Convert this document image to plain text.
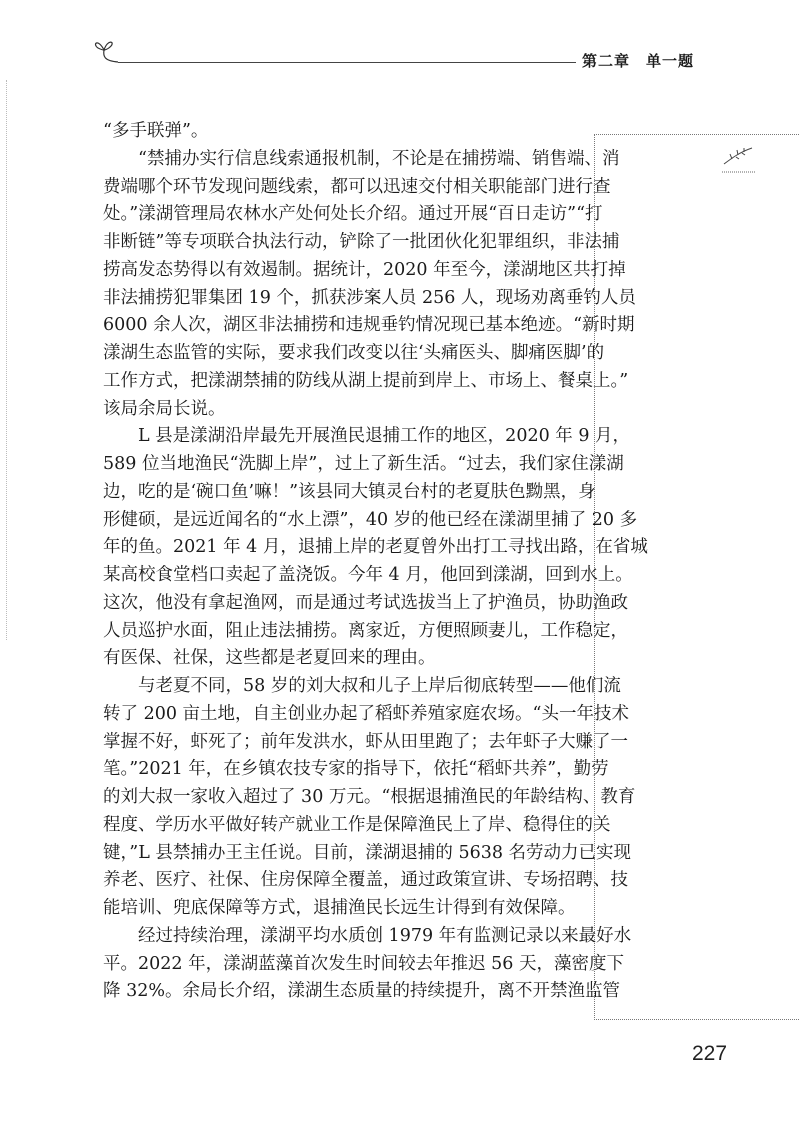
第二章　单一题
“多手联弹”。
“禁捕办实行信息线索通报机制，不论是在捕捞端、销售端、消
费端哪个环节发现问题线索，都可以迅速交付相关职能部门进行查
处。”漾湖管理局农林水产处何处长介绍。通过开展“百日走访”“打
非断链”等专项联合执法行动，铲除了一批团伙化犯罪组织，非法捕
捞高发态势得以有效遏制。据统计，2020 年至今，漾湖地区共打掉
非法捕捞犯罪集团 19 个，抓获涉案人员 256 人，现场劝离垂钓人员
6000 余人次，湖区非法捕捞和违规垂钓情况现已基本绝迹。“新时期
漾湖生态监管的实际，要求我们改变以往‘头痛医头、脚痛医脚’的
工作方式，把漾湖禁捕的防线从湖上提前到岸上、市场上、餐桌上。”
该局余局长说。
L 县是漾湖沿岸最先开展渔民退捕工作的地区，2020 年 9 月，
589 位当地渔民“洗脚上岸”，过上了新生活。“过去，我们家住漾湖
边，吃的是‘碗口鱼’嘛！”该县同大镇灵台村的老夏肤色黝黑，身
形健硕，是远近闻名的“水上漂”，40 岁的他已经在漾湖里捕了 20 多
年的鱼。2021 年 4 月，退捕上岸的老夏曾外出打工寻找出路，在省城
某高校食堂档口卖起了盖浇饭。今年 4 月，他回到漾湖，回到水上。
这次，他没有拿起渔网，而是通过考试选拔当上了护渔员，协助渔政
人员巡护水面，阻止违法捕捞。离家近，方便照顾妻儿，工作稳定，
有医保、社保，这些都是老夏回来的理由。
与老夏不同，58 岁的刘大叔和儿子上岸后彻底转型——他们流
转了 200 亩土地，自主创业办起了稻虾养殖家庭农场。“头一年技术
掌握不好，虾死了；前年发洪水，虾从田里跑了；去年虾子大赚了一
笔。”2021 年，在乡镇农技专家的指导下，依托“稻虾共养”，勤劳
的刘大叔一家收入超过了 30 万元。“根据退捕渔民的年龄结构、教育
程度、学历水平做好转产就业工作是保障渔民上了岸、稳得住的关
键，”L 县禁捕办王主任说。目前，漾湖退捕的 5638 名劳动力已实现
养老、医疗、社保、住房保障全覆盖，通过政策宣讲、专场招聘、技
能培训、兜底保障等方式，退捕渔民长远生计得到有效保障。
经过持续治理，漾湖平均水质创 1979 年有监测记录以来最好水
平。2022 年，漾湖蓝藻首次发生时间较去年推迟 56 天，藻密度下
降 32%。余局长介绍，漾湖生态质量的持续提升，离不开禁渔监管
227
